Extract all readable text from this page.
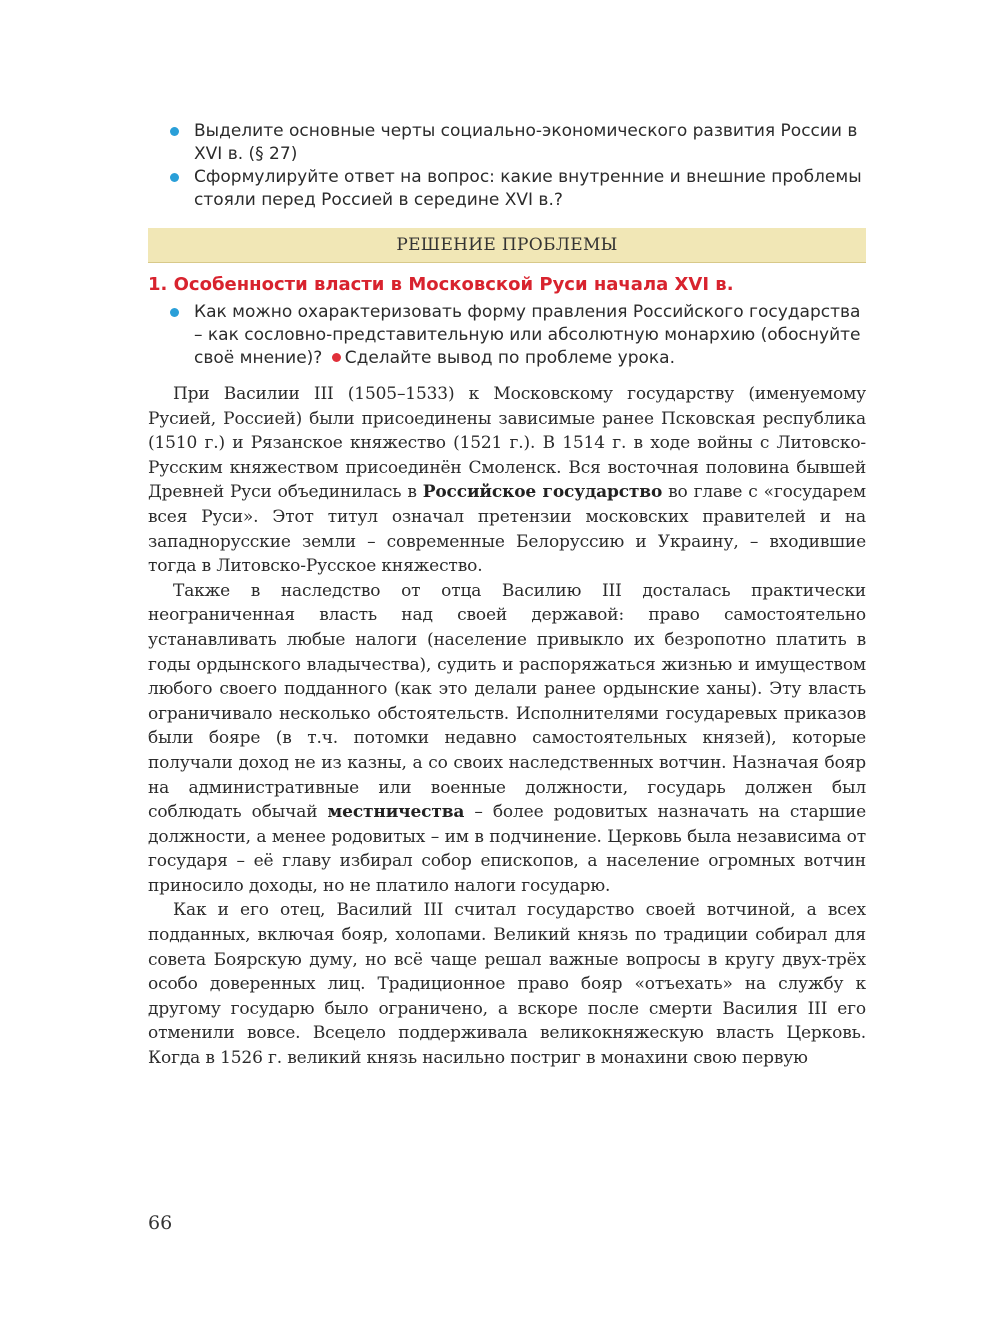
Выделите основные черты социально-экономического развития России в XVI в. (§ 27)
Сформулируйте ответ на вопрос: какие внутренние и внешние проблемы стояли перед Россией в середине XVI в.?
РЕШЕНИЕ ПРОБЛЕМЫ
1. Особенности власти в Московской Руси начала XVI в.
Как можно охарактеризовать форму правления Российского государства – как сословно-представительную или абсолютную монархию (обоснуйте своё мнение)? Сделайте вывод по проблеме урока.

При Василии III (1505–1533) к Московскому государству (именуемому Русией, Россией) были присоединены зависимые ранее Псковская республика (1510 г.) и Рязанское княжество (1521 г.). В 1514 г. в ходе войны с Литовско-Русским княжеством присоединён Смоленск. Вся восточная половина бывшей Древней Руси объединилась в Российское государство во главе с «государем всея Руси». Этот титул означал претензии московских правителей и на западнорусские земли – современные Белоруссию и Украину, – входившие тогда в Литовско-Русское княжество.

Также в наследство от отца Василию III досталась практически неограниченная власть над своей державой: право самостоятельно устанавливать любые налоги (население привыкло их безропотно платить в годы ордынского владычества), судить и распоряжаться жизнью и имуществом любого своего подданного (как это делали ранее ордынские ханы). Эту власть ограничивало несколько обстоятельств. Исполнителями государевых приказов были бояре (в т.ч. потомки недавно самостоятельных князей), которые получали доход не из казны, а со своих наследственных вотчин. Назначая бояр на административные или военные должности, государь должен был соблюдать обычай местничества – более родовитых назначать на старшие должности, а менее родовитых – им в подчинение. Церковь была независима от государя – её главу избирал собор епископов, а население огромных вотчин приносило доходы, но не платило налоги государю.

Как и его отец, Василий III считал государство своей вотчиной, а всех подданных, включая бояр, холопами. Великий князь по традиции собирал для совета Боярскую думу, но всё чаще решал важные вопросы в кругу двух-трёх особо доверенных лиц. Традиционное право бояр «отъехать» на службу к другому государю было ограничено, а вскоре после смерти Василия III его отменили вовсе. Всецело поддерживала великокняжескую власть Церковь. Когда в 1526 г. великий князь насильно постриг в монахини свою первую

66
